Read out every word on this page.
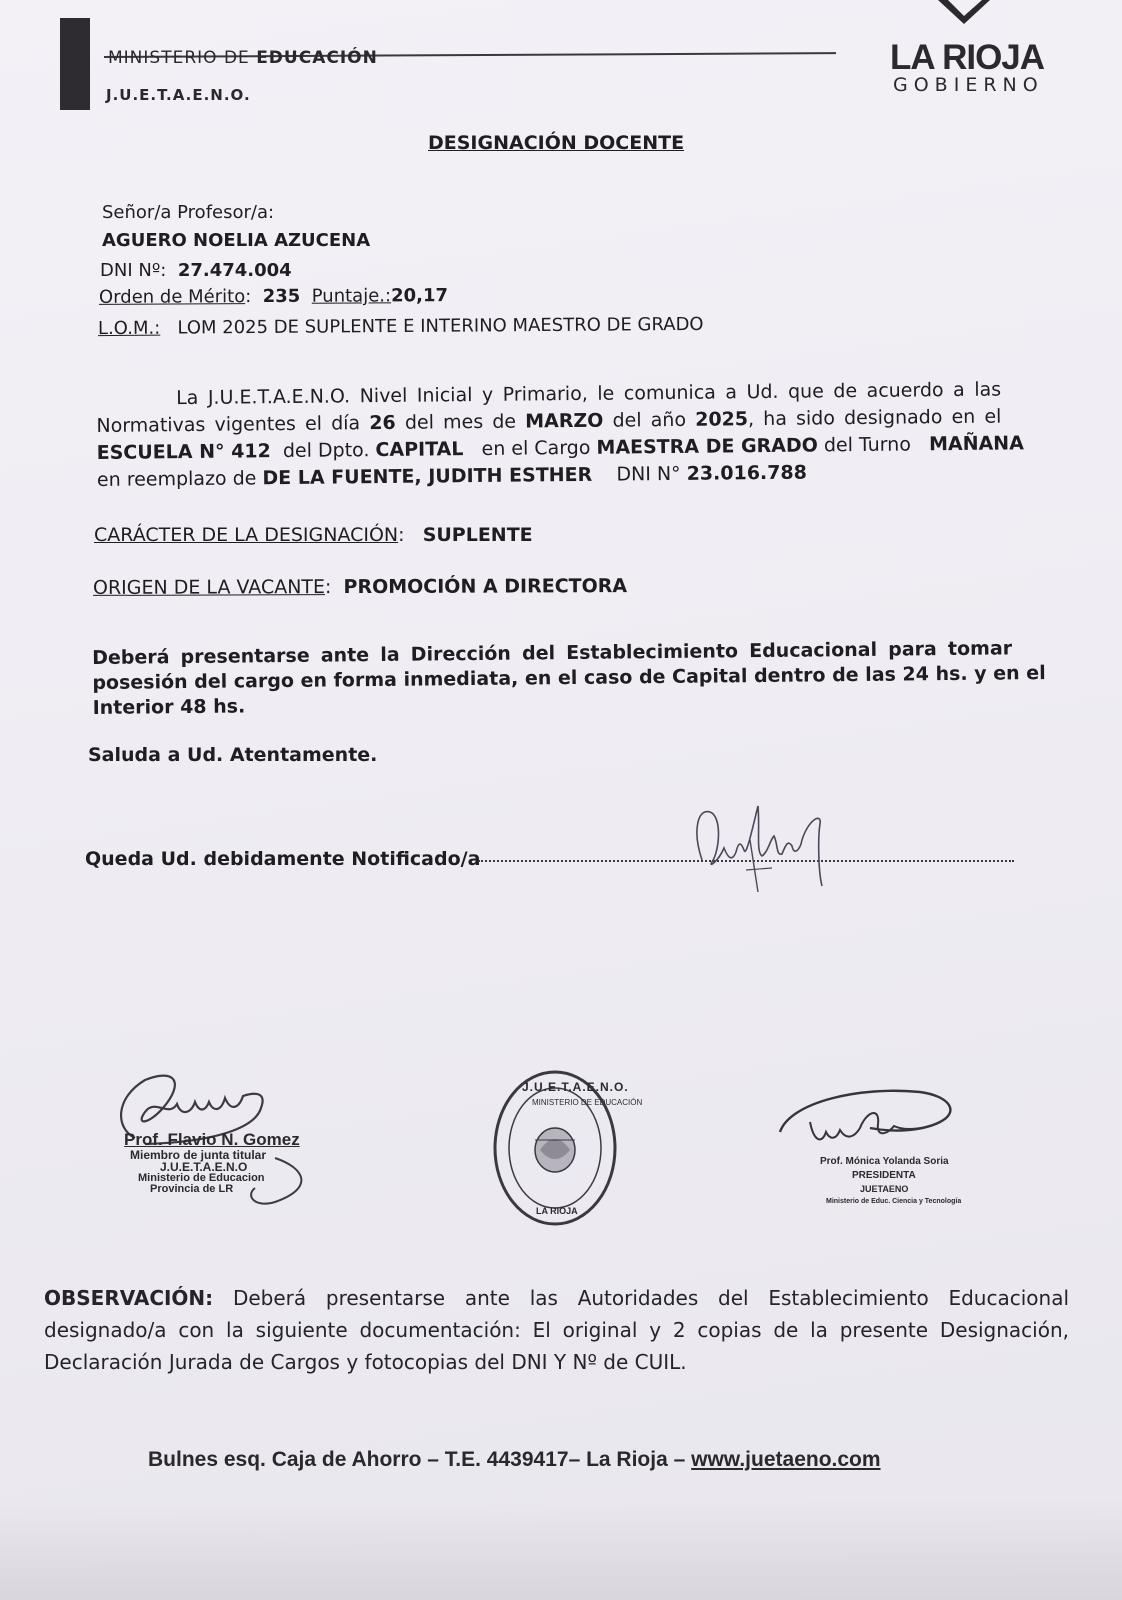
MINISTERIO DE EDUCACIÓN
J.U.E.T.A.E.N.O.
LA RIOJA
GOBIERNO
DESIGNACIÓN DOCENTE
Señor/a Profesor/a:
AGUERO NOELIA AZUCENA
DNI Nº: 27.474.004
Orden de Mérito:  235 Puntaje.:20,17
L.O.M.: LOM 2025 DE SUPLENTE E INTERINO MAESTRO DE GRADO
La J.U.E.T.A.E.N.O. Nivel Inicial y Primario, le comunica a Ud. que de acuerdo a las
Normativas vigentes el día 26 del mes de MARZO del año 2025, ha sido designado en el
ESCUELA N° 412 del Dpto. CAPITAL en el Cargo MAESTRA DE GRADO del Turno MAÑANA
en reemplazo de DE LA FUENTE, JUDITH ESTHER DNI N° 23.016.788
CARÁCTER DE LA DESIGNACIÓN:   SUPLENTE
ORIGEN DE LA VACANTE:  PROMOCIÓN A DIRECTORA
Deberá presentarse ante la Dirección del Establecimiento Educacional para tomar
posesión del cargo en forma inmediata, en el caso de Capital dentro de las 24 hs. y en el
Interior 48 hs.
Saluda a Ud. Atentamente.
Queda Ud. debidamente Notificado/a
Prof. Flavio N. Gomez
Miembro de junta titular
J.U.E.T.A.E.N.O
Ministerio de Educacion
Provincia de LR
J.U.E.T.A.E.N.O.
MINISTERIO DE EDUCACIÓN
LA RIOJA
Prof. Mónica Yolanda Soria
PRESIDENTA
JUETAENO
Ministerio de Educ. Ciencia y Tecnología
OBSERVACIÓN: Deberá presentarse ante las Autoridades del Establecimiento Educacional
designado/a con la siguiente documentación: El original y 2 copias de la presente Designación,
Declaración Jurada de Cargos y fotocopias del DNI Y Nº de CUIL.
Bulnes esq. Caja de Ahorro – T.E. 4439417– La Rioja – www.juetaeno.com
